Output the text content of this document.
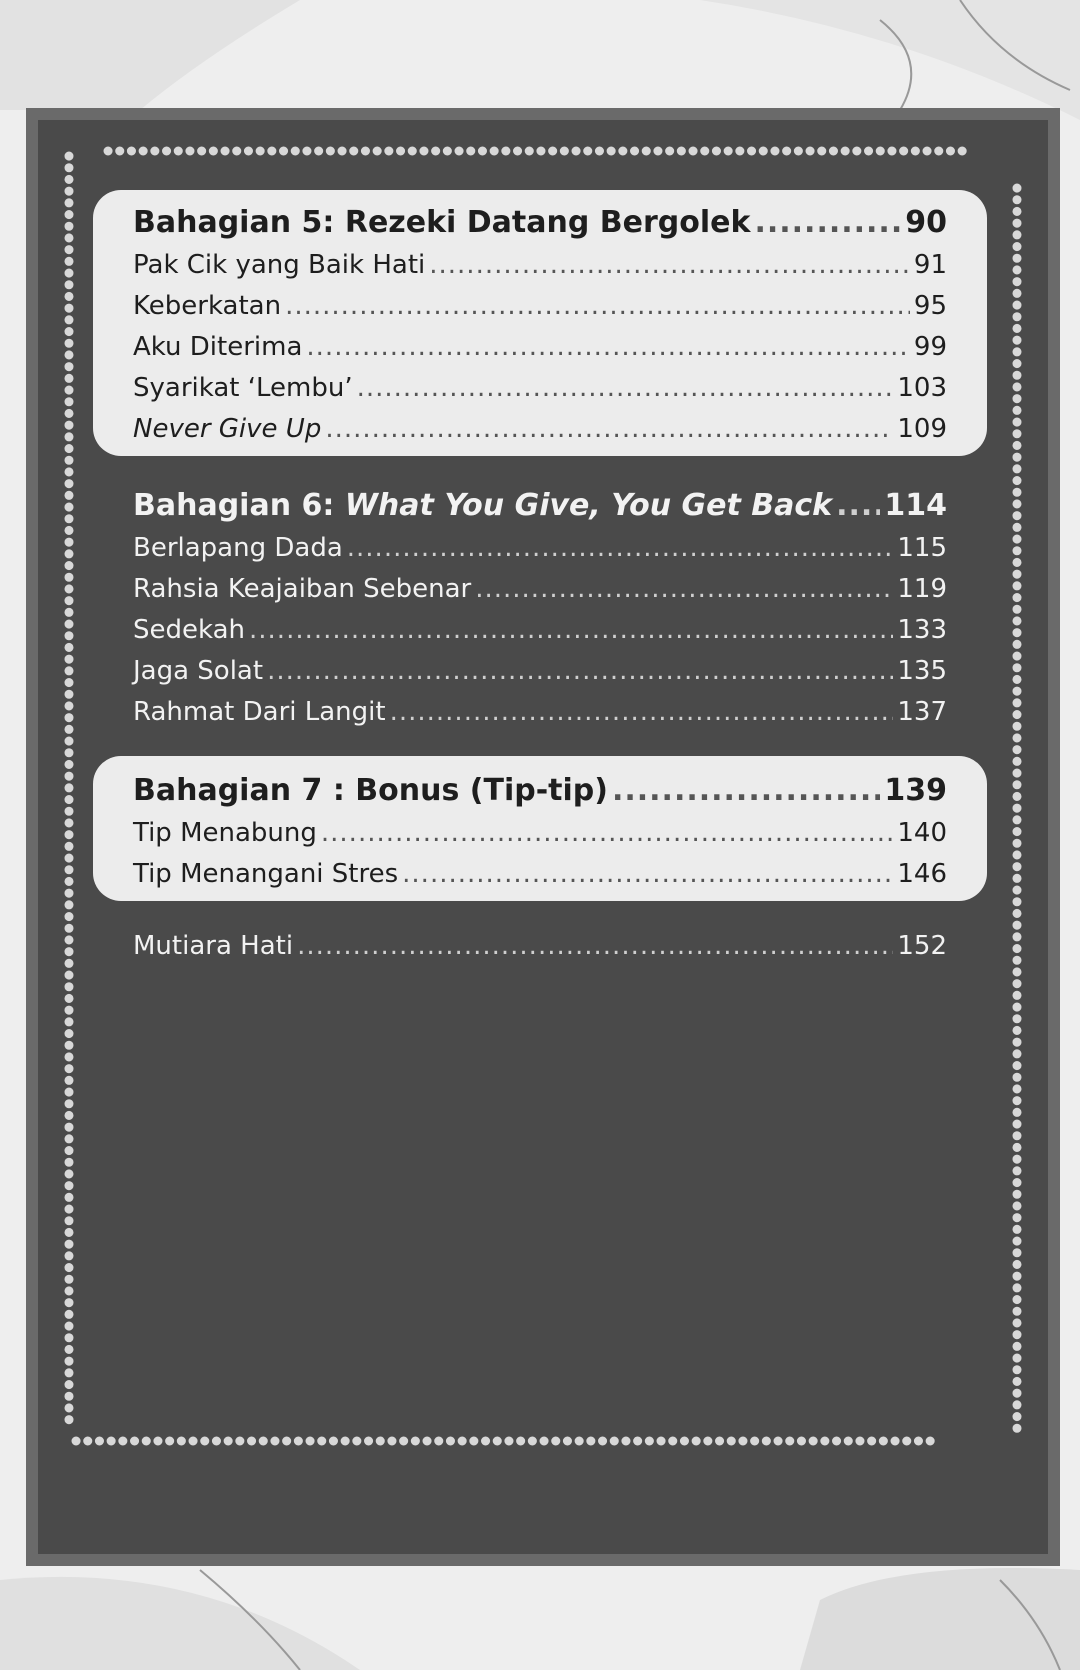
Bahagian 5: Rezeki Datang Bergolek .....	90
Pak Cik yang Baik Hati .....	91
Keberkatan .....	95
Aku Diterima .....	99
Syarikat ‘Lembu’ .....	103
Never Give Up .....	109
Bahagian 6: What You Give, You Get Back ..... 114
Berlapang Dada .....	115
Rahsia Keajaiban Sebenar .....	119
Sedekah .....	133
Jaga Solat .....	135
Rahmat Dari Langit .....	137
Bahagian 7 : Bonus (Tip-tip) .....	139
Tip Menabung .....	140
Tip Menangani Stres .....	146
Mutiara Hati .....	152
